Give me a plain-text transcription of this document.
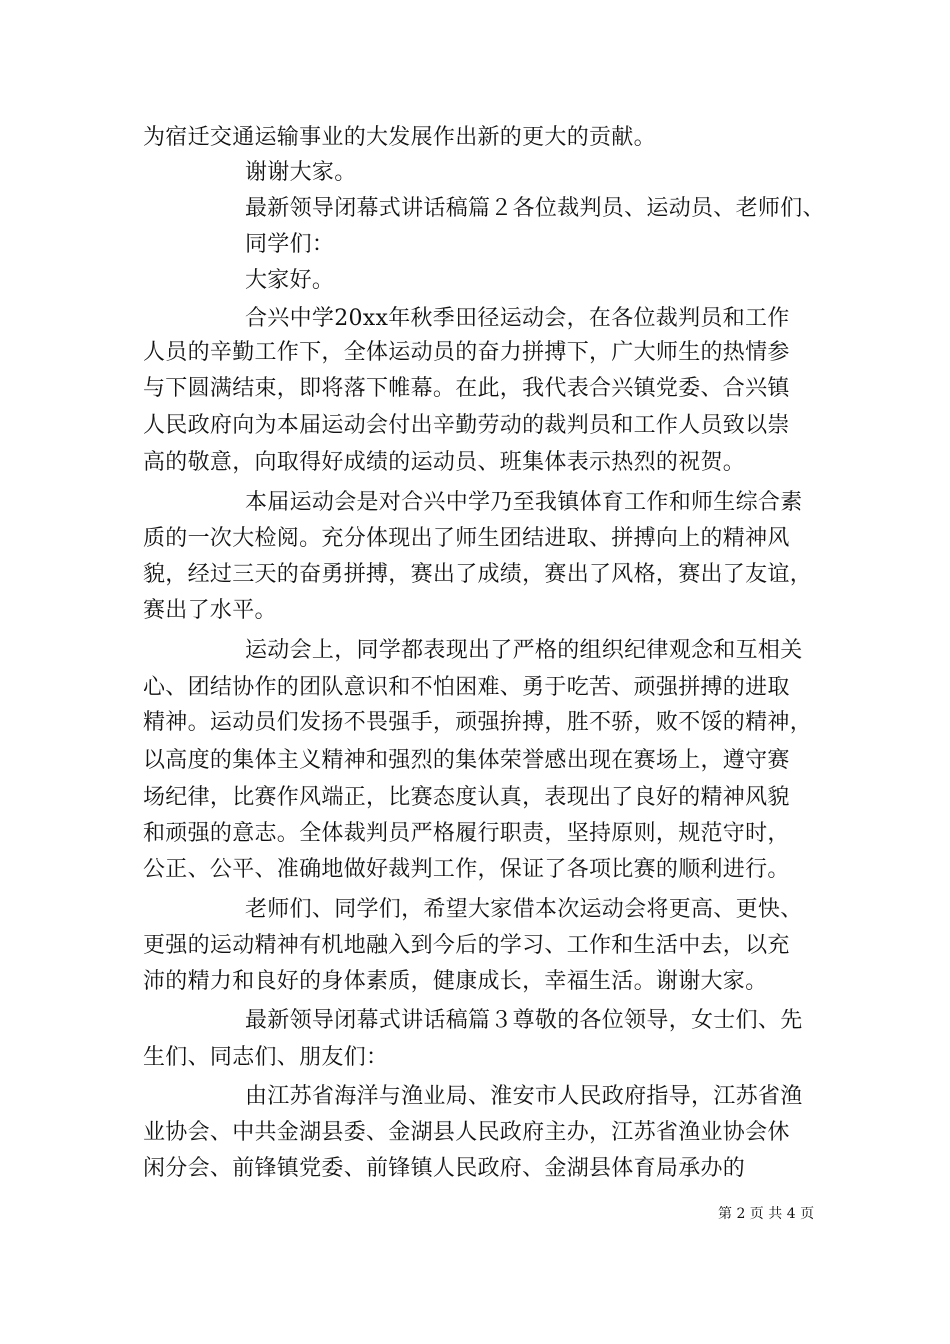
为宿迁交通运输事业的大发展作出新的更大的贡献。
谢谢大家。
最新领导闭幕式讲话稿篇２各位裁判员、运动员、老师们、
同学们：
大家好。
合兴中学20xx年秋季田径运动会，在各位裁判员和工作
人员的辛勤工作下，全体运动员的奋力拼搏下，广大师生的热情参
与下圆满结束，即将落下帷幕。在此，我代表合兴镇党委、合兴镇
人民政府向为本届运动会付出辛勤劳动的裁判员和工作人员致以崇
高的敬意，向取得好成绩的运动员、班集体表示热烈的祝贺。
本届运动会是对合兴中学乃至我镇体育工作和师生综合素
质的一次大检阅。充分体现出了师生团结进取、拼搏向上的精神风
貌，经过三天的奋勇拼搏，赛出了成绩，赛出了风格，赛出了友谊，
赛出了水平。
运动会上，同学都表现出了严格的组织纪律观念和互相关
心、团结协作的团队意识和不怕困难、勇于吃苦、顽强拼搏的进取
精神。运动员们发扬不畏强手，顽强拚搏，胜不骄，败不馁的精神，
以高度的集体主义精神和强烈的集体荣誉感出现在赛场上，遵守赛
场纪律，比赛作风端正，比赛态度认真，表现出了良好的精神风貌
和顽强的意志。全体裁判员严格履行职责，坚持原则，规范守时，
公正、公平、准确地做好裁判工作，保证了各项比赛的顺利进行。
老师们、同学们，希望大家借本次运动会将更高、更快、
更强的运动精神有机地融入到今后的学习、工作和生活中去，以充
沛的精力和良好的身体素质，健康成长，幸福生活。谢谢大家。
最新领导闭幕式讲话稿篇３尊敬的各位领导，女士们、先
生们、同志们、朋友们：
由江苏省海洋与渔业局、淮安市人民政府指导，江苏省渔
业协会、中共金湖县委、金湖县人民政府主办，江苏省渔业协会休
闲分会、前锋镇党委、前锋镇人民政府、金湖县体育局承办的
第 2 页 共 4 页
